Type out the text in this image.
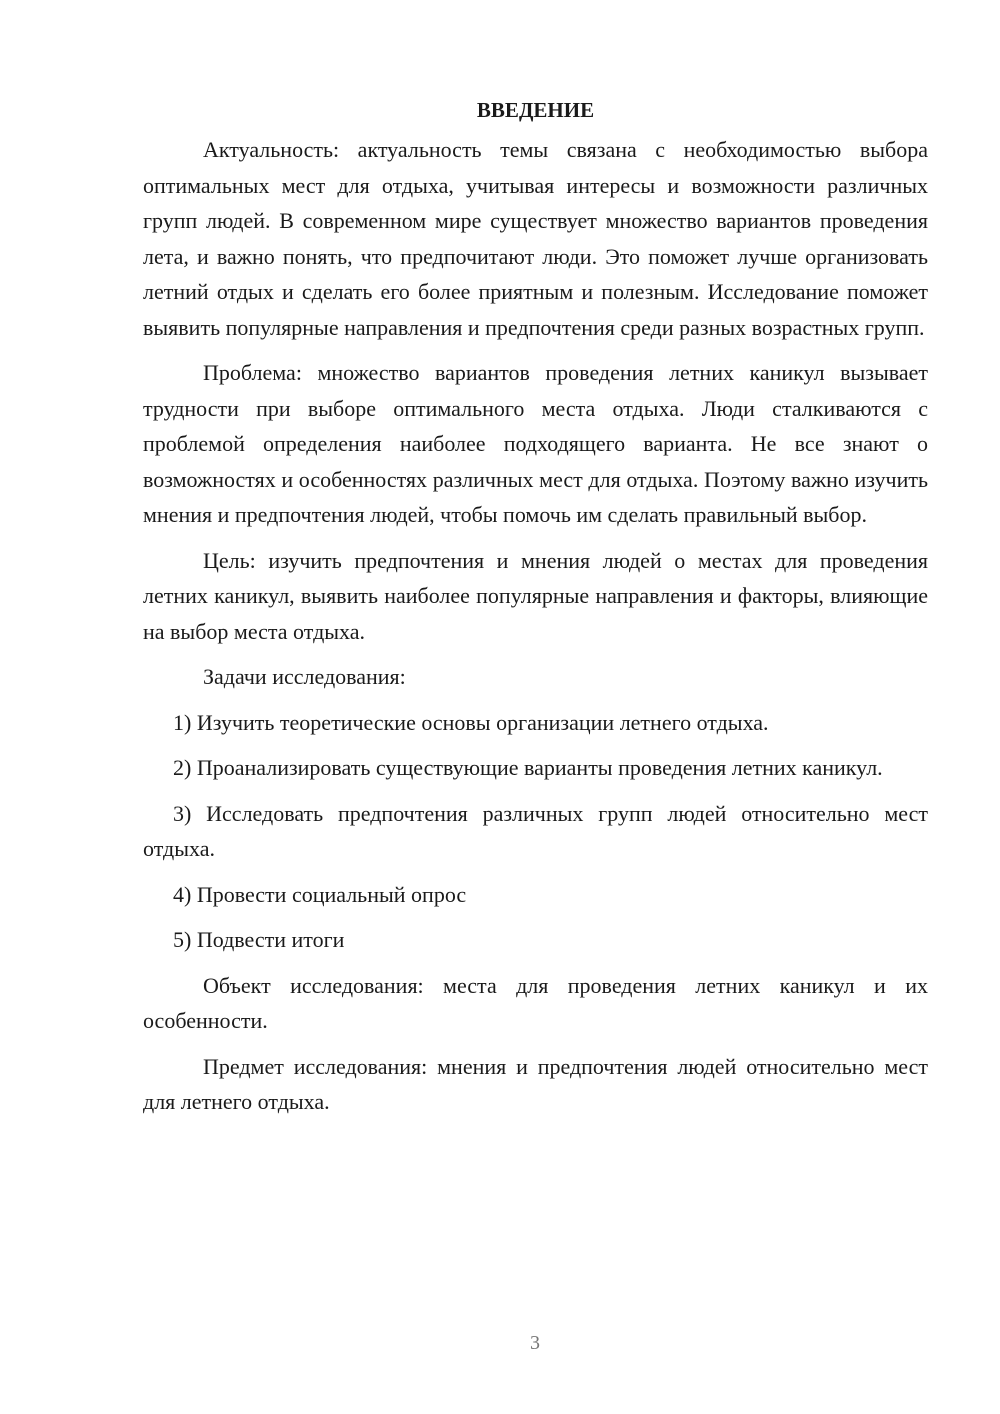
ВВЕДЕНИЕ

Актуальность: актуальность темы связана с необходимостью выбора оптимальных мест для отдыха, учитывая интересы и возможности различных групп людей. В современном мире существует множество вариантов проведения лета, и важно понять, что предпочитают люди. Это поможет лучше организовать летний отдых и сделать его более приятным и полезным. Исследование поможет выявить популярные направления и предпочтения среди разных возрастных групп.

Проблема: множество вариантов проведения летних каникул вызывает трудности при выборе оптимального места отдыха. Люди сталкиваются с проблемой определения наиболее подходящего варианта. Не все знают о возможностях и особенностях различных мест для отдыха. Поэтому важно изучить мнения и предпочтения людей, чтобы помочь им сделать правильный выбор.

Цель: изучить предпочтения и мнения людей о местах для проведения летних каникул, выявить наиболее популярные направления и факторы, влияющие на выбор места отдыха.

Задачи исследования:

1) Изучить теоретические основы организации летнего отдыха.

2) Проанализировать существующие варианты проведения летних каникул.

3) Исследовать предпочтения различных групп людей относительно мест отдыха.

4) Провести социальный опрос

5) Подвести итоги

Объект исследования: места для проведения летних каникул и их особенности.

Предмет исследования: мнения и предпочтения людей относительно мест для летнего отдыха.

3
